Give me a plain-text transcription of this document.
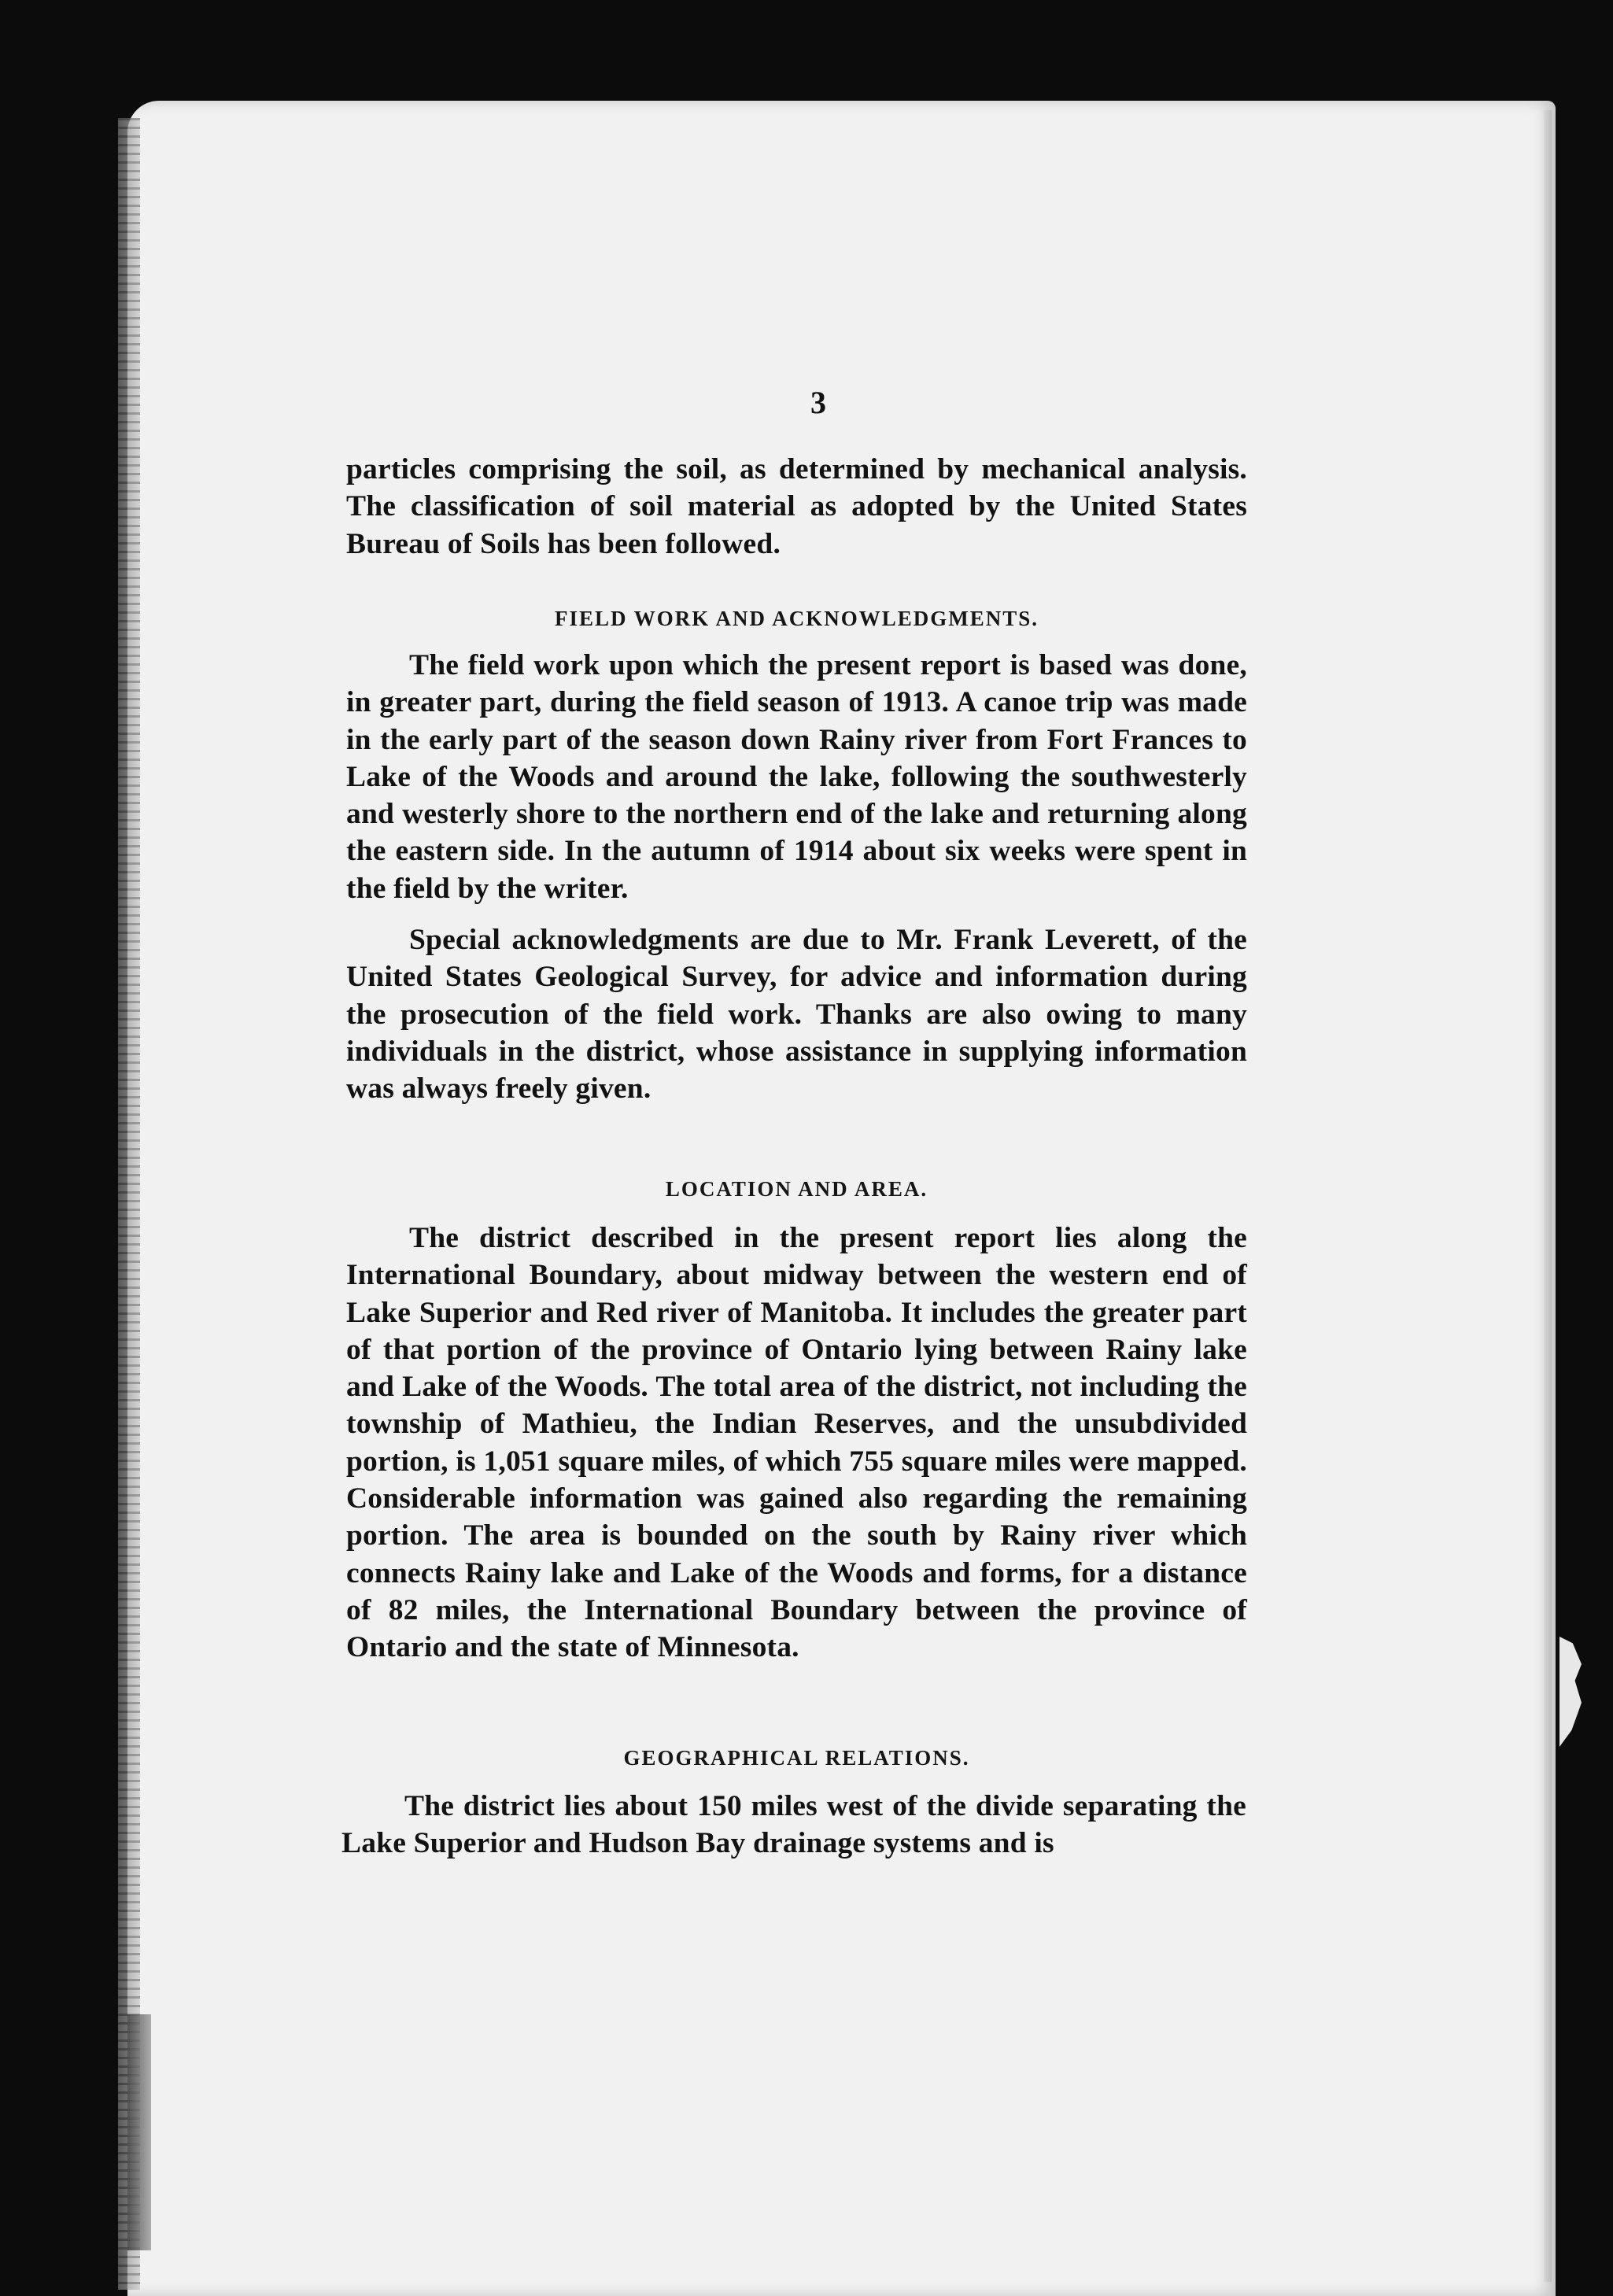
3

particles comprising the soil, as determined by mechanical analysis. The classification of soil material as adopted by the United States Bureau of Soils has been followed.

FIELD WORK AND ACKNOWLEDGMENTS.

The field work upon which the present report is based was done, in greater part, during the field season of 1913. A canoe trip was made in the early part of the season down Rainy river from Fort Frances to Lake of the Woods and around the lake, following the southwesterly and westerly shore to the northern end of the lake and returning along the eastern side. In the autumn of 1914 about six weeks were spent in the field by the writer.

Special acknowledgments are due to Mr. Frank Leverett, of the United States Geological Survey, for advice and information during the prosecution of the field work. Thanks are also owing to many individuals in the district, whose assistance in supplying information was always freely given.

LOCATION AND AREA.

The district described in the present report lies along the International Boundary, about midway between the western end of Lake Superior and Red river of Manitoba. It includes the greater part of that portion of the province of Ontario lying between Rainy lake and Lake of the Woods. The total area of the district, not including the township of Mathieu, the Indian Reserves, and the unsubdivided portion, is 1,051 square miles, of which 755 square miles were mapped. Considerable information was gained also regarding the remaining portion. The area is bounded on the south by Rainy river which connects Rainy lake and Lake of the Woods and forms, for a distance of 82 miles, the International Boundary between the province of Ontario and the state of Minnesota.

GEOGRAPHICAL RELATIONS.

The district lies about 150 miles west of the divide separating the Lake Superior and Hudson Bay drainage systems and is
